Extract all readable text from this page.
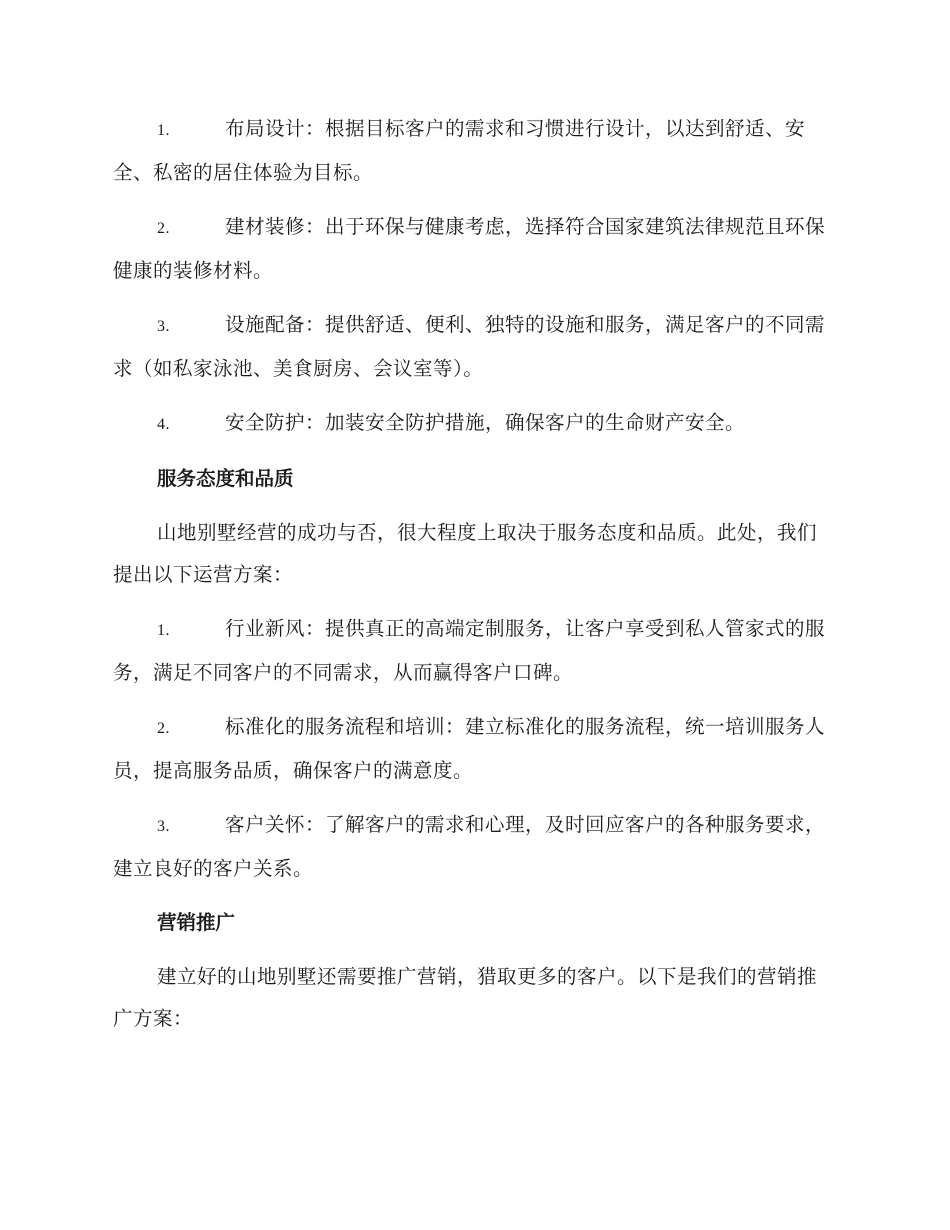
1.	布局设计：根据目标客户的需求和习惯进行设计，以达到舒适、安全、私密的居住体验为目标。
2.	建材装修：出于环保与健康考虑，选择符合国家建筑法律规范且环保健康的装修材料。
3.	设施配备：提供舒适、便利、独特的设施和服务，满足客户的不同需求（如私家泳池、美食厨房、会议室等）。
4.	安全防护：加装安全防护措施，确保客户的生命财产安全。
服务态度和品质

山地别墅经营的成功与否，很大程度上取决于服务态度和品质。此处，我们提出以下运营方案：

1.	行业新风：提供真正的高端定制服务，让客户享受到私人管家式的服务，满足不同客户的不同需求，从而赢得客户口碑。
2.	标准化的服务流程和培训：建立标准化的服务流程，统一培训服务人员，提高服务品质，确保客户的满意度。
3.	客户关怀：了解客户的需求和心理，及时回应客户的各种服务要求，建立良好的客户关系。
营销推广

建立好的山地别墅还需要推广营销，猎取更多的客户。以下是我们的营销推广方案：
